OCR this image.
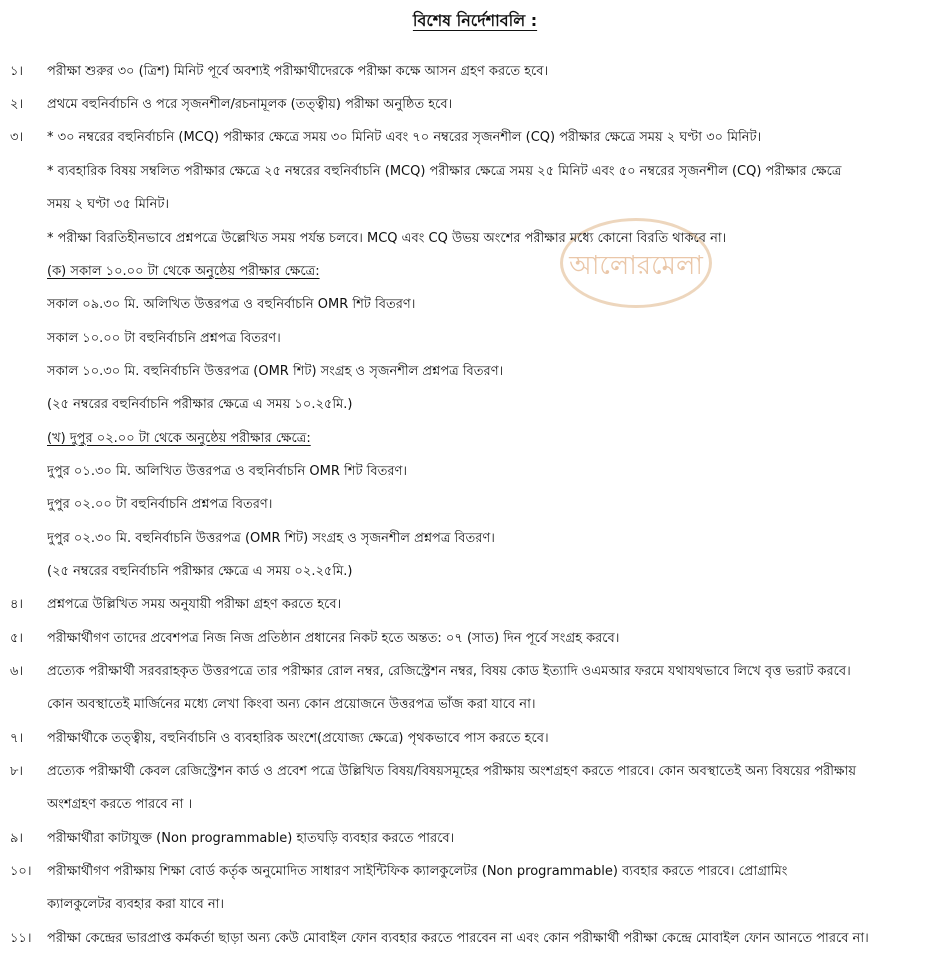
বিশেষ নির্দেশাবলি :
আলোরমেলা
১।	পরীক্ষা শুরুর ৩০ (ত্রিশ) মিনিট পূর্বে অবশ্যই পরীক্ষার্থীদেরকে পরীক্ষা কক্ষে আসন গ্রহণ করতে হবে।
২।	প্রথমে বহুনির্বাচনি ও পরে সৃজনশীল/রচনামূলক (তত্ত্বীয়) পরীক্ষা অনুষ্ঠিত হবে।
৩।	* ৩০ নম্বরের বহুনির্বাচনি (MCQ) পরীক্ষার ক্ষেত্রে সময় ৩০ মিনিট এবং ৭০ নম্বরের সৃজনশীল (CQ) পরীক্ষার ক্ষেত্রে সময় ২ ঘণ্টা ৩০ মিনিট।
* ব্যবহারিক বিষয় সম্বলিত পরীক্ষার ক্ষেত্রে ২৫ নম্বরের বহুনির্বাচনি (MCQ) পরীক্ষার ক্ষেত্রে সময় ২৫ মিনিট এবং ৫০ নম্বরের সৃজনশীল (CQ) পরীক্ষার ক্ষেত্রে
সময় ২ ঘণ্টা ৩৫ মিনিট।
* পরীক্ষা বিরতিহীনভাবে প্রশ্নপত্রে উল্লেখিত সময় পর্যন্ত চলবে। MCQ এবং CQ উভয় অংশের পরীক্ষার মধ্যে কোনো বিরতি থাকবে না।
(ক) সকাল ১০.০০ টা থেকে অনুষ্ঠেয় পরীক্ষার ক্ষেত্রে:
সকাল ০৯.৩০ মি. অলিখিত উত্তরপত্র ও বহুনির্বাচনি OMR শিট বিতরণ।
সকাল ১০.০০ টা বহুনির্বাচনি প্রশ্নপত্র বিতরণ।
সকাল ১০.৩০ মি. বহুনির্বাচনি উত্তরপত্র (OMR শিট) সংগ্রহ ও সৃজনশীল প্রশ্নপত্র বিতরণ।
(২৫ নম্বরের বহুনির্বাচনি পরীক্ষার ক্ষেত্রে এ সময় ১০.২৫মি.)
(খ) দুপুর ০২.০০ টা থেকে অনুষ্ঠেয় পরীক্ষার ক্ষেত্রে:
দুপুর ০১.৩০ মি. অলিখিত উত্তরপত্র ও বহুনির্বাচনি OMR শিট বিতরণ।
দুপুর ০২.০০ টা বহুনির্বাচনি প্রশ্নপত্র বিতরণ।
দুপুর ০২.৩০ মি. বহুনির্বাচনি উত্তরপত্র (OMR শিট) সংগ্রহ ও সৃজনশীল প্রশ্নপত্র বিতরণ।
(২৫ নম্বরের বহুনির্বাচনি পরীক্ষার ক্ষেত্রে এ সময় ০২.২৫মি.)
৪।	প্রশ্নপত্রে উল্লিখিত সময় অনুযায়ী পরীক্ষা গ্রহণ করতে হবে।
৫।	পরীক্ষার্থীগণ তাদের প্রবেশপত্র নিজ নিজ প্রতিষ্ঠান প্রধানের নিকট হতে অন্তত: ০৭ (সাত) দিন পূর্বে সংগ্রহ করবে।
৬।	প্রত্যেক পরীক্ষার্থী সরবরাহকৃত উত্তরপত্রে তার পরীক্ষার রোল নম্বর, রেজিস্ট্রেশন নম্বর, বিষয় কোড ইত্যাদি ওএমআর ফরমে যথাযথভাবে লিখে বৃত্ত ভরাট করবে।
কোন অবস্থাতেই মার্জিনের মধ্যে লেখা কিংবা অন্য কোন প্রয়োজনে উত্তরপত্র ভাঁজ করা যাবে না।
৭।	পরীক্ষার্থীকে তত্ত্বীয়, বহুনির্বাচনি ও ব্যবহারিক অংশে(প্রযোজ্য ক্ষেত্রে) পৃথকভাবে পাস করতে হবে।
৮।	প্রত্যেক পরীক্ষার্থী কেবল রেজিস্ট্রেশন কার্ড ও প্রবেশ পত্রে উল্লিখিত বিষয়/বিষয়সমূহের পরীক্ষায় অংশগ্রহণ করতে পারবে। কোন অবস্থাতেই অন্য বিষয়ের পরীক্ষায়
অংশগ্রহণ করতে পারবে না ।
৯।	পরীক্ষার্থীরা কাটাযুক্ত (Non programmable) হাতঘড়ি ব্যবহার করতে পারবে।
১০।	পরীক্ষার্থীগণ পরীক্ষায় শিক্ষা বোর্ড কর্তৃক অনুমোদিত সাধারণ সাইন্টিফিক ক্যালকুলেটর (Non programmable) ব্যবহার করতে পারবে। প্রোগ্রামিং
ক্যালকুলেটর ব্যবহার করা যাবে না।
১১।	পরীক্ষা কেন্দ্রের ভারপ্রাপ্ত কর্মকর্তা ছাড়া অন্য কেউ মোবাইল ফোন ব্যবহার করতে পারবেন না এবং কোন পরীক্ষার্থী পরীক্ষা কেন্দ্রে মোবাইল ফোন আনতে পারবে না।
